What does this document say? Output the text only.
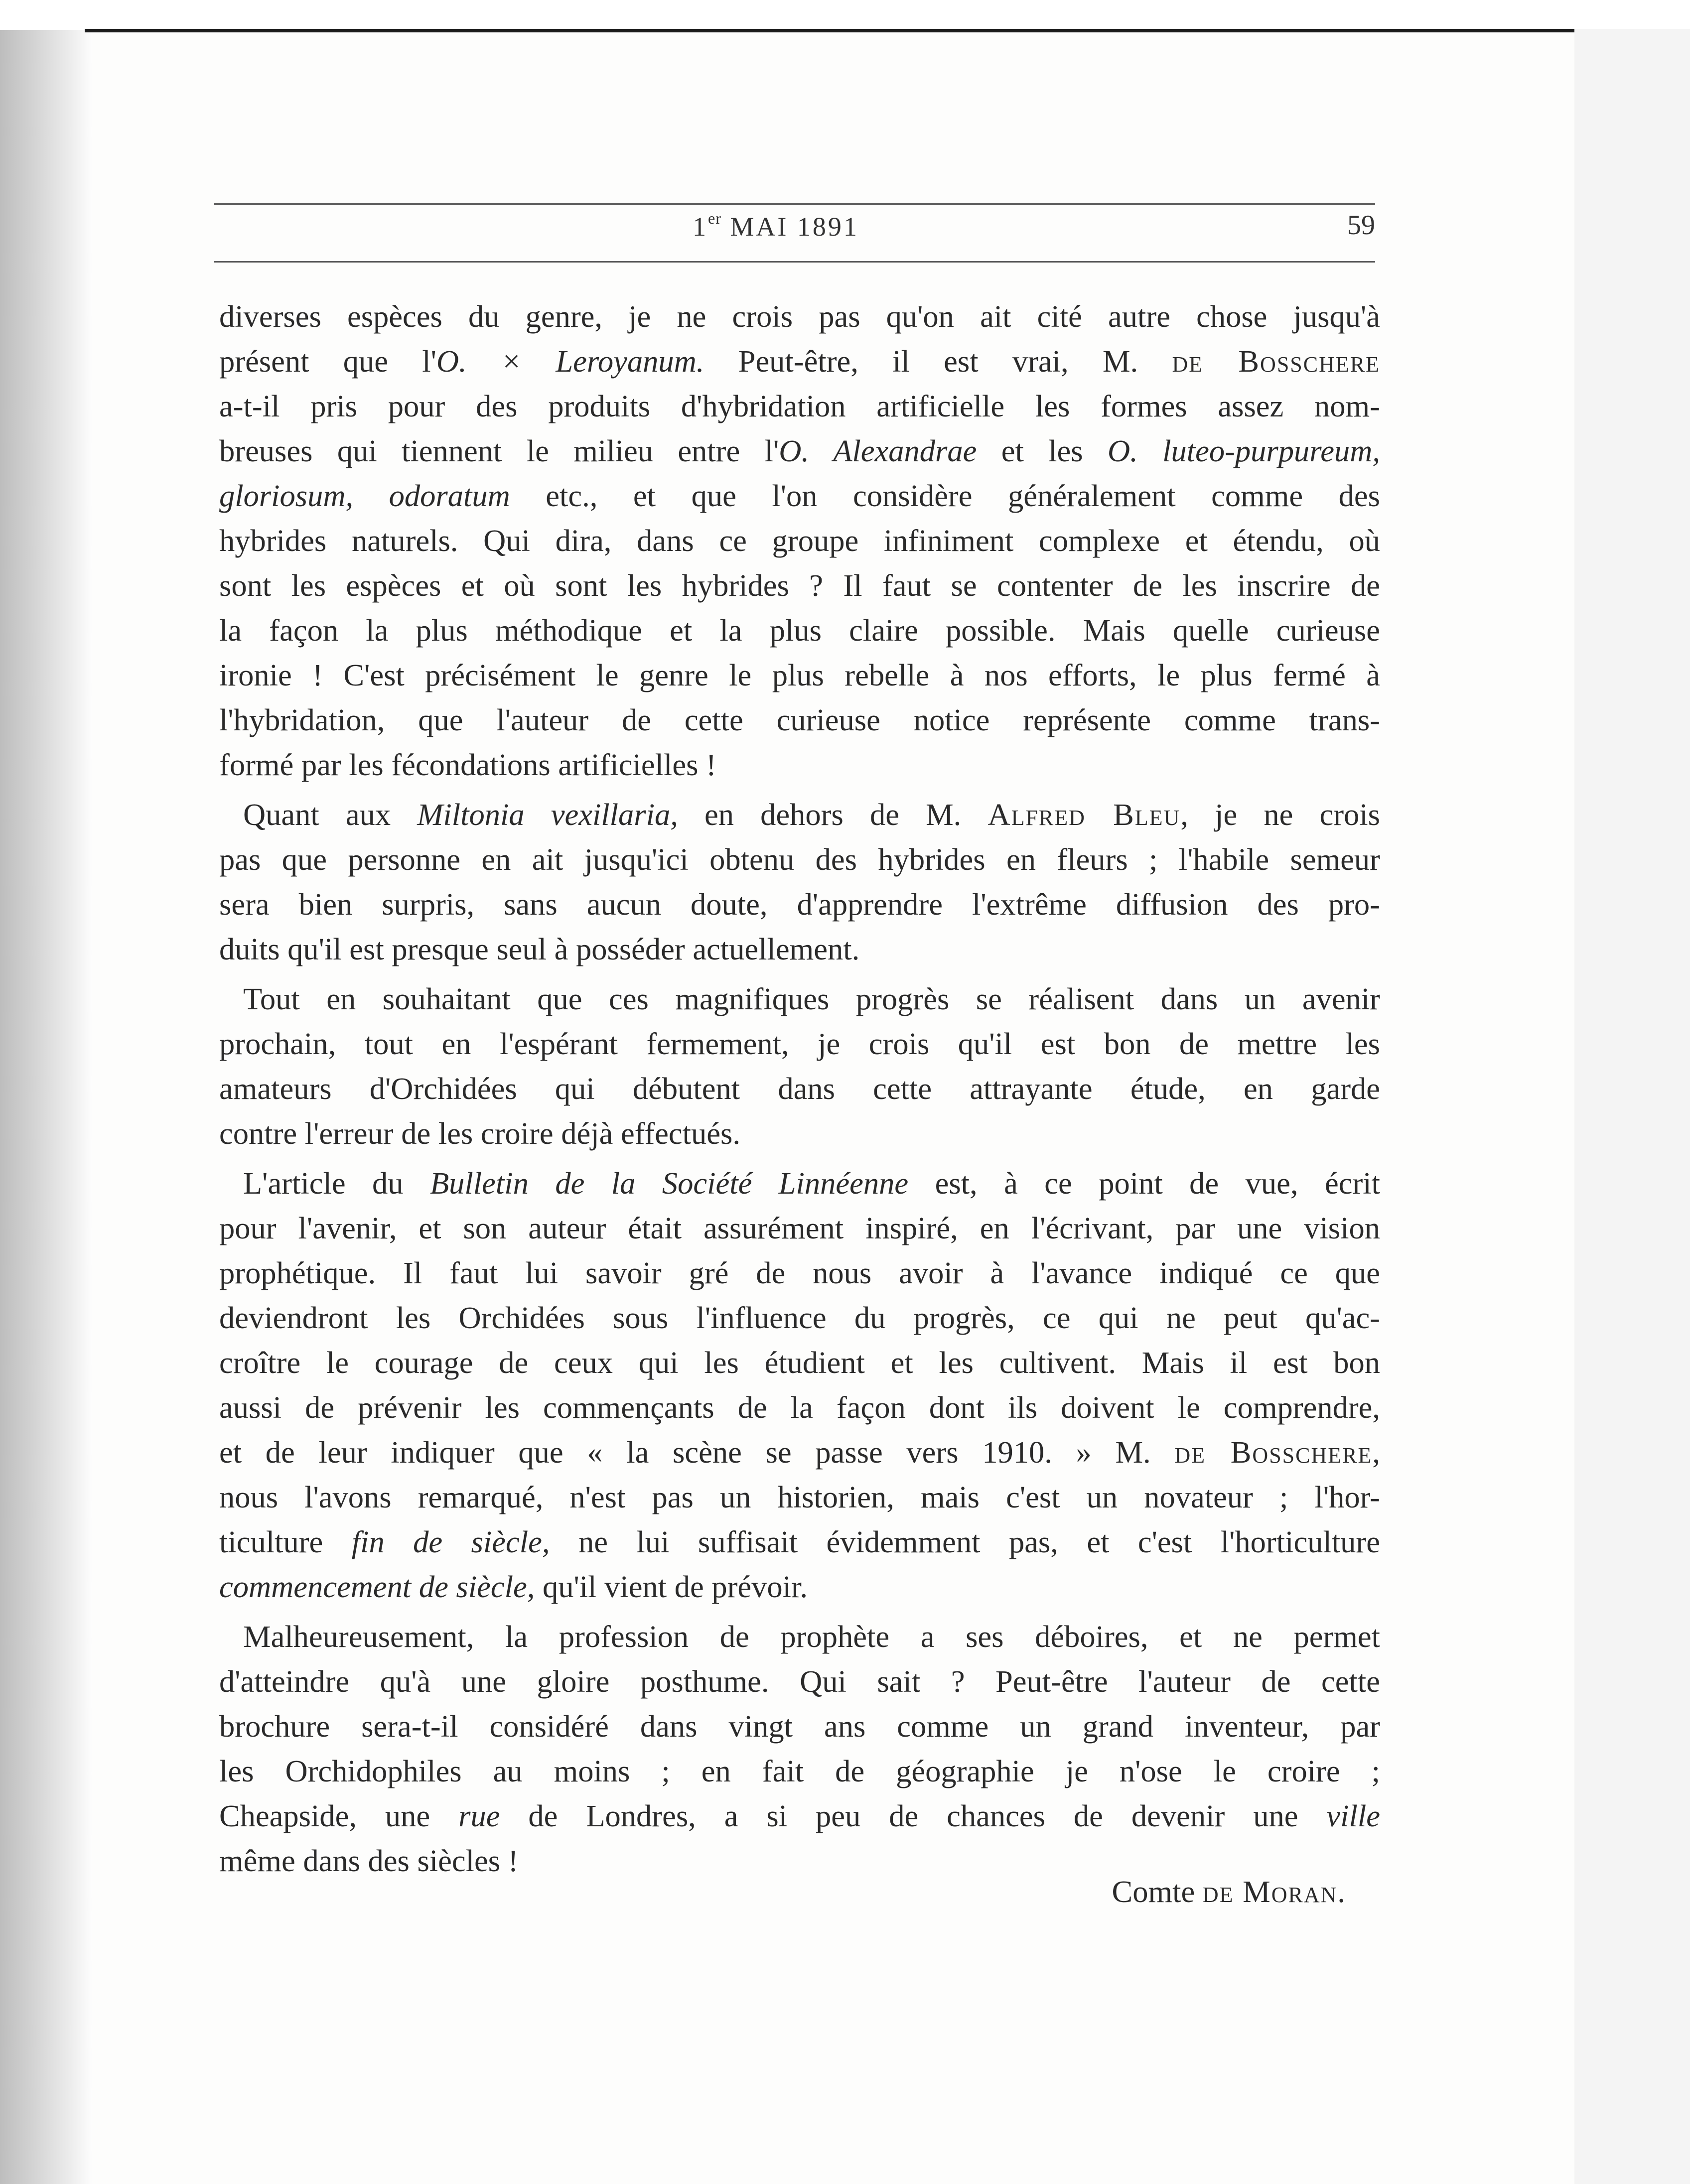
1er MAI 1891	59
diverses espèces du genre, je ne crois pas qu'on ait cité autre chose jusqu'à
présent que l'O. × Leroyanum. Peut-être, il est vrai, M. de Bosschere
a-t-il pris pour des produits d'hybridation artificielle les formes assez nom-
breuses qui tiennent le milieu entre l'O. Alexandrae et les O. luteo-purpureum,
gloriosum, odoratum etc., et que l'on considère généralement comme des
hybrides naturels. Qui dira, dans ce groupe infiniment complexe et étendu, où
sont les espèces et où sont les hybrides ? Il faut se contenter de les inscrire de
la façon la plus méthodique et la plus claire possible. Mais quelle curieuse
ironie ! C'est précisément le genre le plus rebelle à nos efforts, le plus fermé à
l'hybridation, que l'auteur de cette curieuse notice représente comme trans-
formé par les fécondations artificielles !
Quant aux Miltonia vexillaria, en dehors de M. Alfred Bleu, je ne crois
pas que personne en ait jusqu'ici obtenu des hybrides en fleurs ; l'habile semeur
sera bien surpris, sans aucun doute, d'apprendre l'extrême diffusion des pro-
duits qu'il est presque seul à posséder actuellement.
Tout en souhaitant que ces magnifiques progrès se réalisent dans un avenir
prochain, tout en l'espérant fermement, je crois qu'il est bon de mettre les
amateurs d'Orchidées qui débutent dans cette attrayante étude, en garde
contre l'erreur de les croire déjà effectués.
L'article du Bulletin de la Société Linnéenne est, à ce point de vue, écrit
pour l'avenir, et son auteur était assurément inspiré, en l'écrivant, par une vision
prophétique. Il faut lui savoir gré de nous avoir à l'avance indiqué ce que
deviendront les Orchidées sous l'influence du progrès, ce qui ne peut qu'ac-
croître le courage de ceux qui les étudient et les cultivent. Mais il est bon
aussi de prévenir les commençants de la façon dont ils doivent le comprendre,
et de leur indiquer que « la scène se passe vers 1910. » M. de Bosschere,
nous l'avons remarqué, n'est pas un historien, mais c'est un novateur ; l'hor-
ticulture fin de siècle, ne lui suffisait évidemment pas, et c'est l'horticulture
commencement de siècle, qu'il vient de prévoir.
Malheureusement, la profession de prophète a ses déboires, et ne permet
d'atteindre qu'à une gloire posthume. Qui sait ? Peut-être l'auteur de cette
brochure sera-t-il considéré dans vingt ans comme un grand inventeur, par
les Orchidophiles au moins ; en fait de géographie je n'ose le croire ;
Cheapside, une rue de Londres, a si peu de chances de devenir une ville
même dans des siècles !
Comte de Moran.
